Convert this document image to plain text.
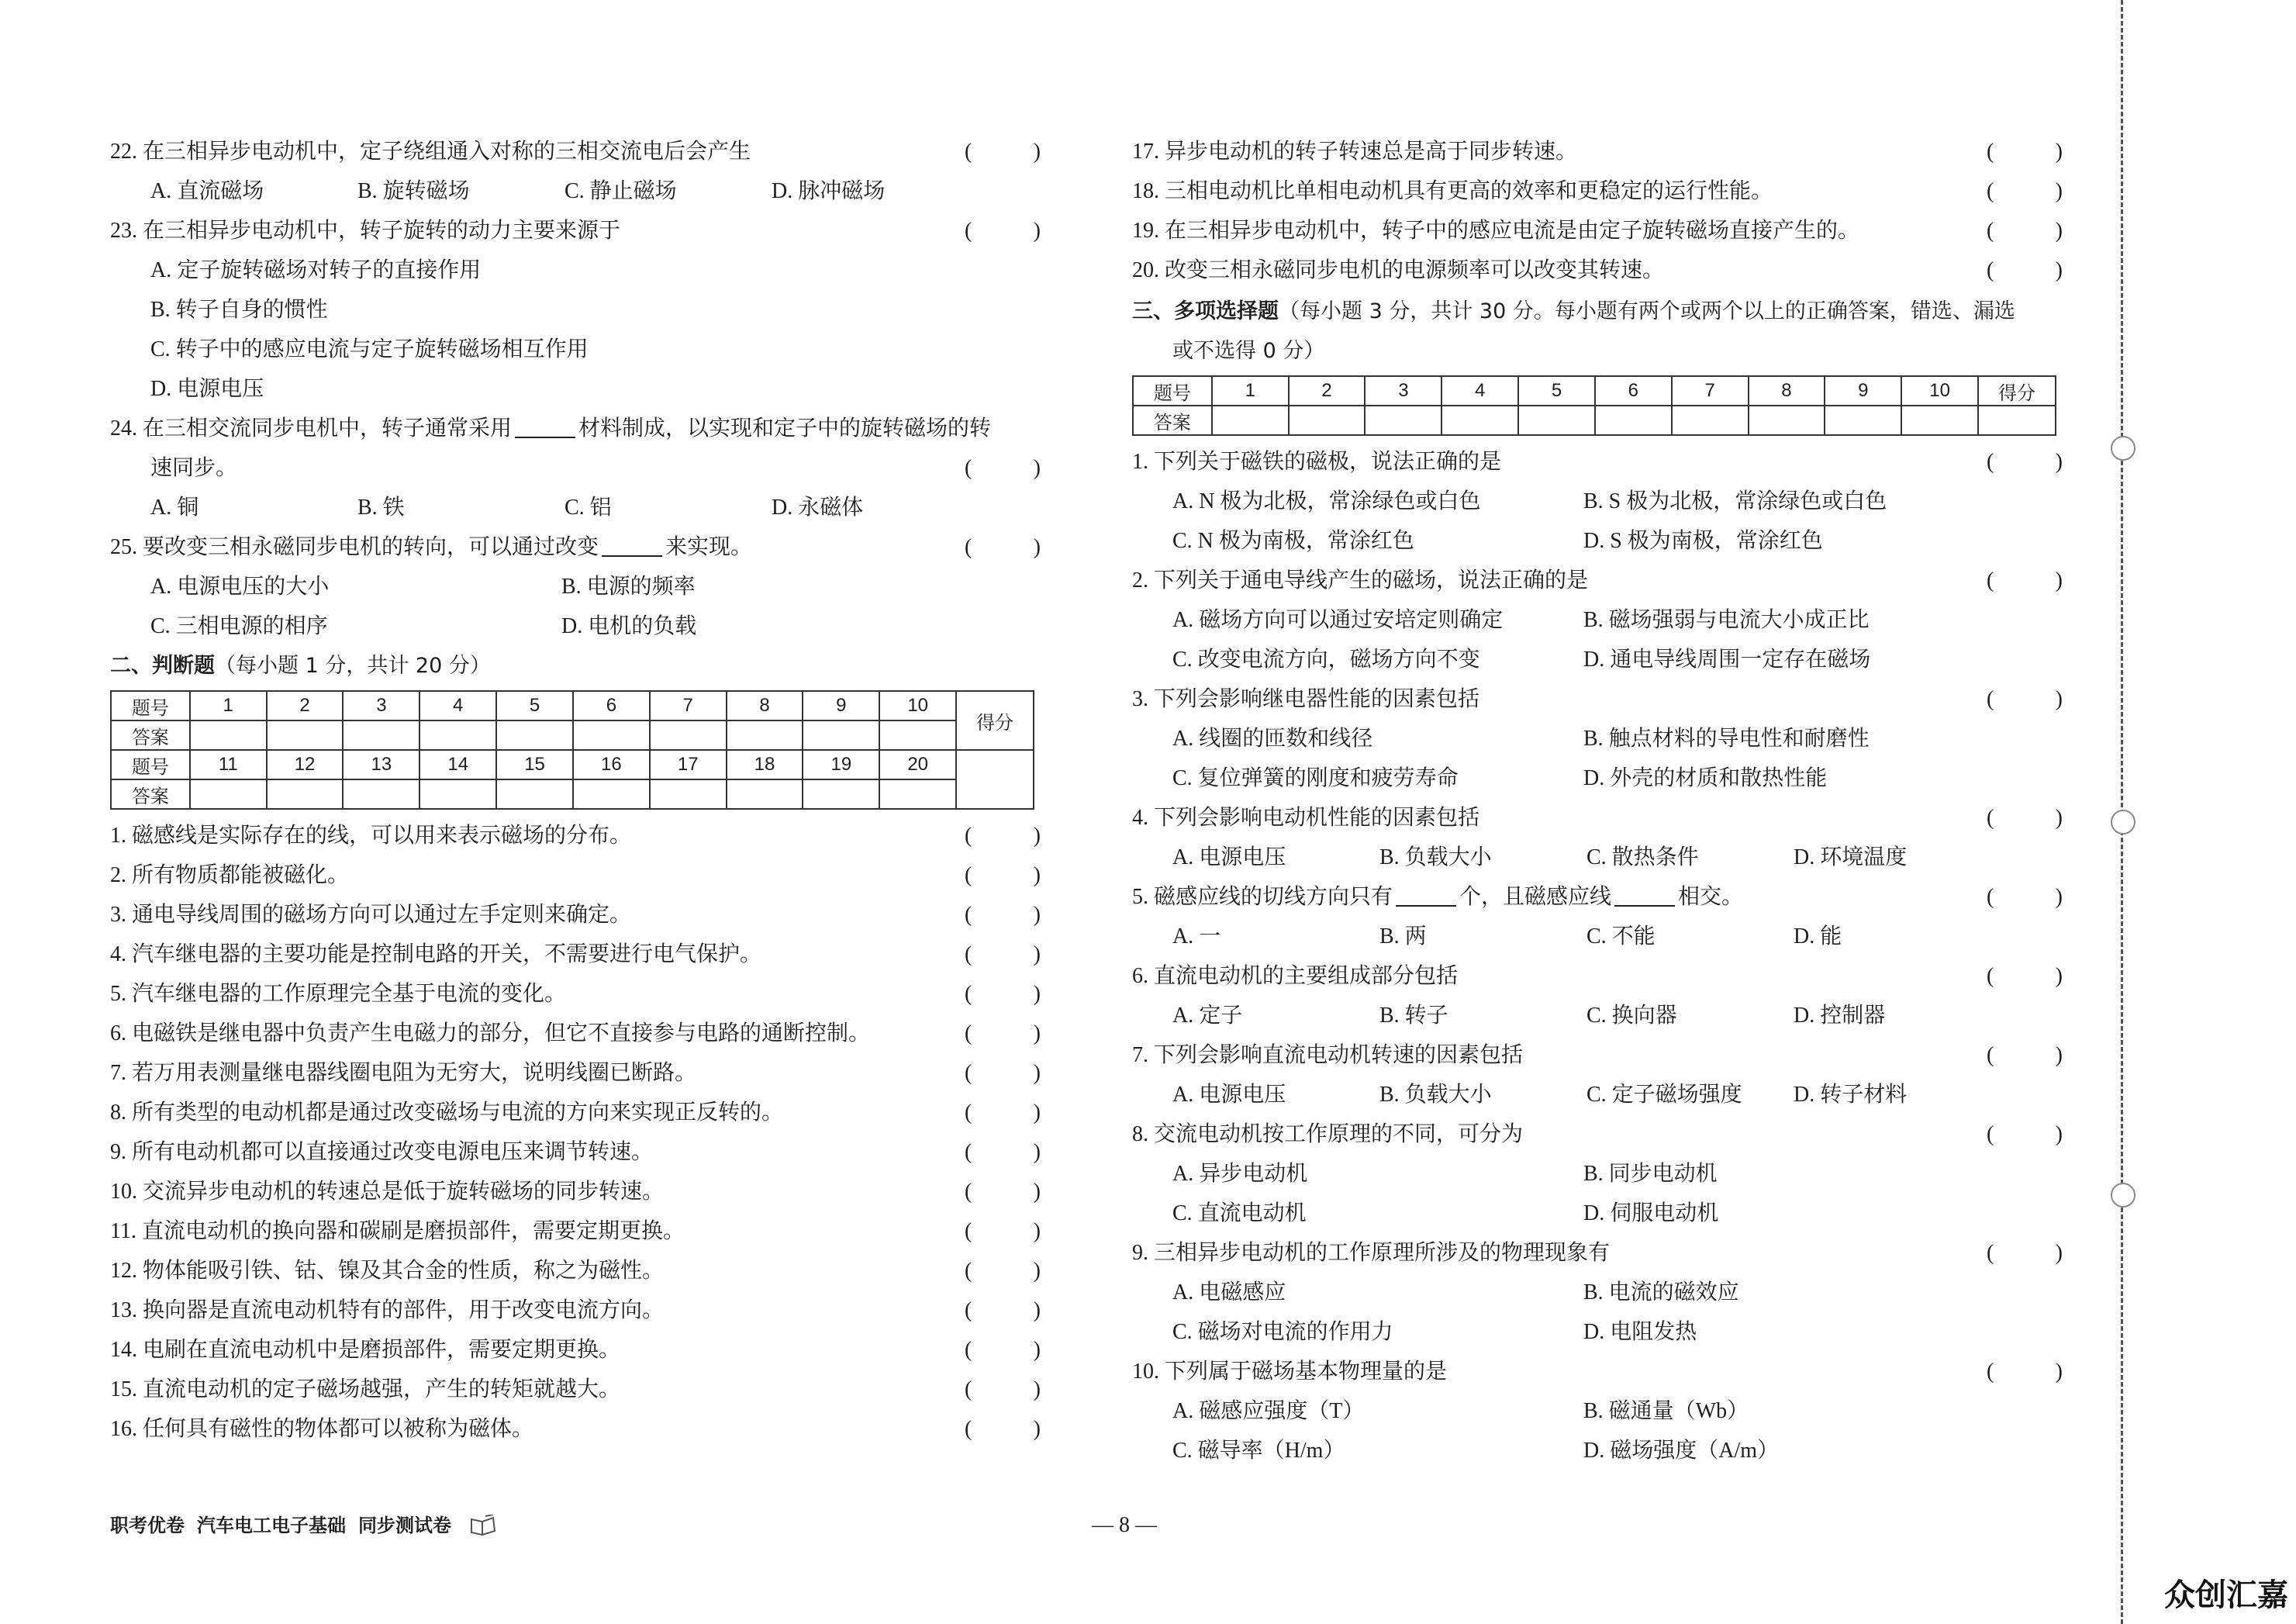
22. 在三相异步电动机中，定子绕组通入对称的三相交流电后会产生	(	)
A. 直流磁场	B. 旋转磁场	C. 静止磁场	D. 脉冲磁场
23. 在三相异步电动机中，转子旋转的动力主要来源于	(	)
A. 定子旋转磁场对转子的直接作用
B. 转子自身的惯性
C. 转子中的感应电流与定子旋转磁场相互作用
D. 电源电压
24. 在三相交流同步电机中，转子通常采用	材料制成，以实现和定子中的旋转磁场的转
速同步。	(	)
A. 铜	B. 铁	C. 铝	D. 永磁体
25. 要改变三相永磁同步电机的转向，可以通过改变	来实现。	(	)
A. 电源电压的大小	B. 电源的频率
C. 三相电源的相序	D. 电机的负载
二、判断题（每小题 1 分，共计 20 分）
题号	1	2	3	4	5	6	7	8	9	10	得分
答案											
题号	11	12	13	14	15	16	17	18	19	20	
答案											
1. 磁感线是实际存在的线，可以用来表示磁场的分布。	(	)
2. 所有物质都能被磁化。	(	)
3. 通电导线周围的磁场方向可以通过左手定则来确定。	(	)
4. 汽车继电器的主要功能是控制电路的开关，不需要进行电气保护。	(	)
5. 汽车继电器的工作原理完全基于电流的变化。	(	)
6. 电磁铁是继电器中负责产生电磁力的部分，但它不直接参与电路的通断控制。	(	)
7. 若万用表测量继电器线圈电阻为无穷大，说明线圈已断路。	(	)
8. 所有类型的电动机都是通过改变磁场与电流的方向来实现正反转的。	(	)
9. 所有电动机都可以直接通过改变电源电压来调节转速。	(	)
10. 交流异步电动机的转速总是低于旋转磁场的同步转速。	(	)
11. 直流电动机的换向器和碳刷是磨损部件，需要定期更换。	(	)
12. 物体能吸引铁、钴、镍及其合金的性质，称之为磁性。	(	)
13. 换向器是直流电动机特有的部件，用于改变电流方向。	(	)
14. 电刷在直流电动机中是磨损部件，需要定期更换。	(	)
15. 直流电动机的定子磁场越强，产生的转矩就越大。	(	)
16. 任何具有磁性的物体都可以被称为磁体。	(	)
17. 异步电动机的转子转速总是高于同步转速。	(	)
18. 三相电动机比单相电动机具有更高的效率和更稳定的运行性能。	(	)
19. 在三相异步电动机中，转子中的感应电流是由定子旋转磁场直接产生的。	(	)
20. 改变三相永磁同步电机的电源频率可以改变其转速。	(	)
三、多项选择题（每小题 3 分，共计 30 分。每小题有两个或两个以上的正确答案，错选、漏选
或不选得 0 分）
题号	1	2	3	4	5	6	7	8	9	10	得分
答案											
1. 下列关于磁铁的磁极，说法正确的是	(	)
A. N 极为北极，常涂绿色或白色	B. S 极为北极，常涂绿色或白色
C. N 极为南极，常涂红色	D. S 极为南极，常涂红色
2. 下列关于通电导线产生的磁场，说法正确的是	(	)
A. 磁场方向可以通过安培定则确定	B. 磁场强弱与电流大小成正比
C. 改变电流方向，磁场方向不变	D. 通电导线周围一定存在磁场
3. 下列会影响继电器性能的因素包括	(	)
A. 线圈的匝数和线径	B. 触点材料的导电性和耐磨性
C. 复位弹簧的刚度和疲劳寿命	D. 外壳的材质和散热性能
4. 下列会影响电动机性能的因素包括	(	)
A. 电源电压	B. 负载大小	C. 散热条件	D. 环境温度
5. 磁感应线的切线方向只有	个，且磁感应线	相交。	(	)
A. 一	B. 两	C. 不能	D. 能
6. 直流电动机的主要组成部分包括	(	)
A. 定子	B. 转子	C. 换向器	D. 控制器
7. 下列会影响直流电动机转速的因素包括	(	)
A. 电源电压	B. 负载大小	C. 定子磁场强度	D. 转子材料
8. 交流电动机按工作原理的不同，可分为	(	)
A. 异步电动机	B. 同步电动机
C. 直流电动机	D. 伺服电动机
9. 三相异步电动机的工作原理所涉及的物理现象有	(	)
A. 电磁感应	B. 电流的磁效应
C. 磁场对电流的作用力	D. 电阻发热
10. 下列属于磁场基本物理量的是	(	)
A. 磁感应强度（T）	B. 磁通量（Wb）
C. 磁导率（H/m）	D. 磁场强度（A/m）
职考优卷 汽车电工电子基础 同步测试卷	— 8 —
众创汇嘉
